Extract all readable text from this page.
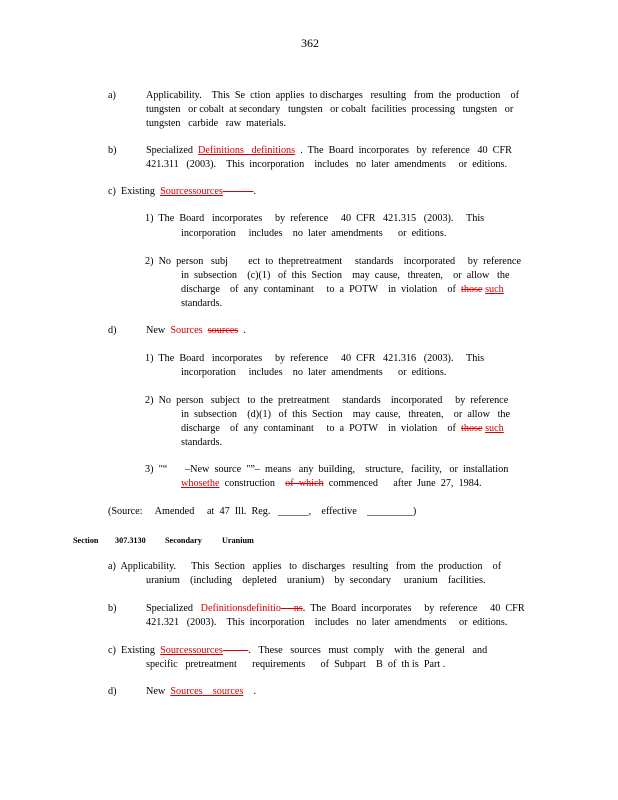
362
a)	Applicability.    This  Se  ction  applies  to discharges   resulting   from  the  production    of
tungsten   or cobalt  at secondary   tungsten   or cobalt  facilities  processing   tungsten   or
tungsten   carbide   raw  materials.
b)	Specialized  Definitions   definitions  .  The  Board  incorporates   by  reference   40  CFR
421.311   (2003).    This  incorporation    includes   no  later  amendments     or  editions.
c)  Existing  Sourcessources	.
1)  The  Board   incorporates     by  reference     40  CFR   421.315   (2003).     This
incorporation     includes    no  later  amendments      or  editions.
2)  No  person   subj        ect  to  thepretreatment     standards    incorporated     by  reference
in  subsection    (c)(1)   of  this  Section    may  cause,   threaten,    or  allow   the
discharge    of  any  contaminant     to  a  POTW    in  violation    of  those such
standards.
d)	New  Sources sources  .
1)  The  Board   incorporates     by  reference     40  CFR   421.316   (2003).     This
incorporation     includes    no  later  amendments      or  editions.
2)  No  person   subject   to  the  pretreatment     standards    incorporated     by  reference
in  subsection    (d)(1)   of  this  Section    may  cause,   threaten,    or  allow   the
discharge    of  any  contaminant     to  a  POTW    in  violation    of  those such
standards.
3)  "“       –New  source  "”–  means   any  building,    structure,   facility,   or  installation
whosethe  construction    of  which  commenced      after  June  27,  1984.
(Source:     Amended     at  47  Ill.  Reg.   ______,    effective    _________)
Section 307.3130 Secondary Uranium
a)  Applicability.      This  Section   applies   to  discharges   resulting   from  the  production    of
uranium    (including    depleted    uranium)    by  secondary     uranium    facilities.
b)	Specialized   Definitionsdefinitio     ns.  The  Board  incorporates     by  reference     40  CFR
421.321   (2003).    This  incorporation    includes   no  later  amendments     or  editions.
c)  Existing  Sourcessources .   These   sources   must  comply    with  the  general   and
specific   pretreatment      requirements      of  Subpart    B  of  th is  Part .
d)	New  Sources    sources    .
